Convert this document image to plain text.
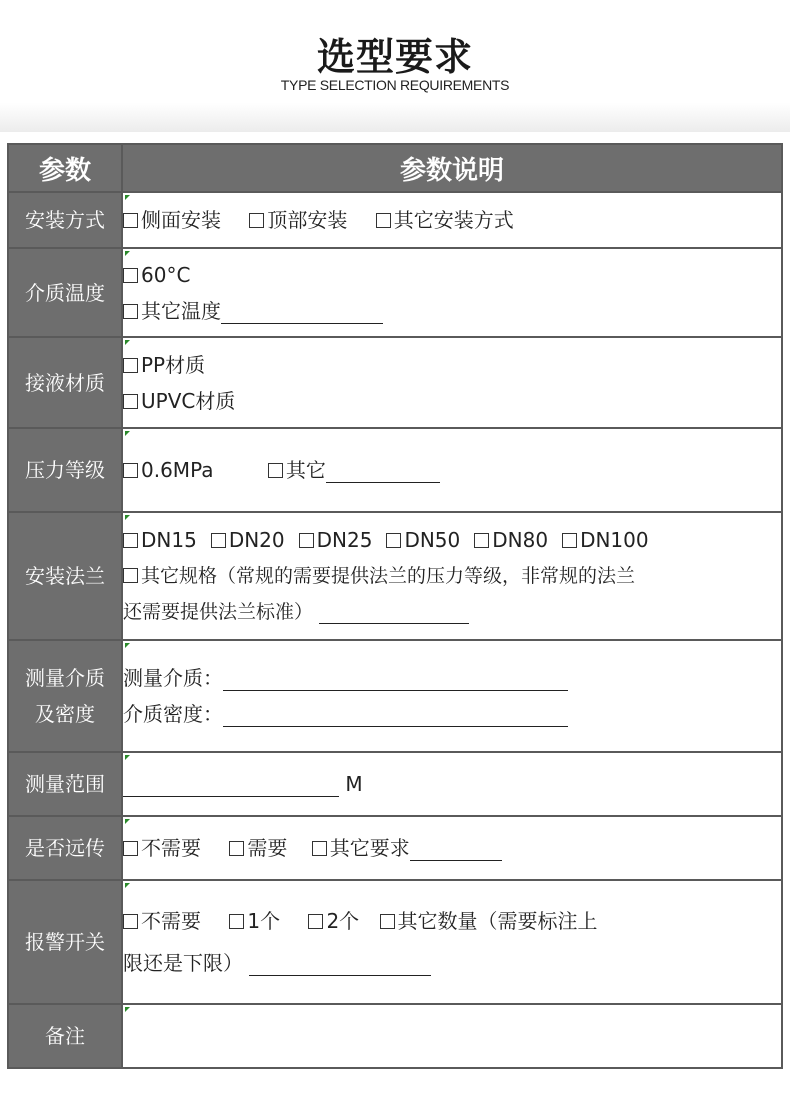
选型要求
TYPE SELECTION REQUIREMENTS
参数	参数说明
安装方式	侧面安装 顶部安装 其它安装方式

介质温度	60°C
其它温度

接液材质	PP材质
UPVC材质

压力等级	0.6MPa 其它

安装法兰	DN15 DN20 DN25 DN50 DN80 DN100
其它规格（常规的需要提供法兰的压力等级，非常规的法兰
还需要提供法兰标准）

测量介质
及密度	测量介质：
介质密度：

测量范围	M

是否远传	不需要 需要 其它要求

报警开关	不需要 1个 2个 其它数量（需要标注上
限还是下限）

备注	
